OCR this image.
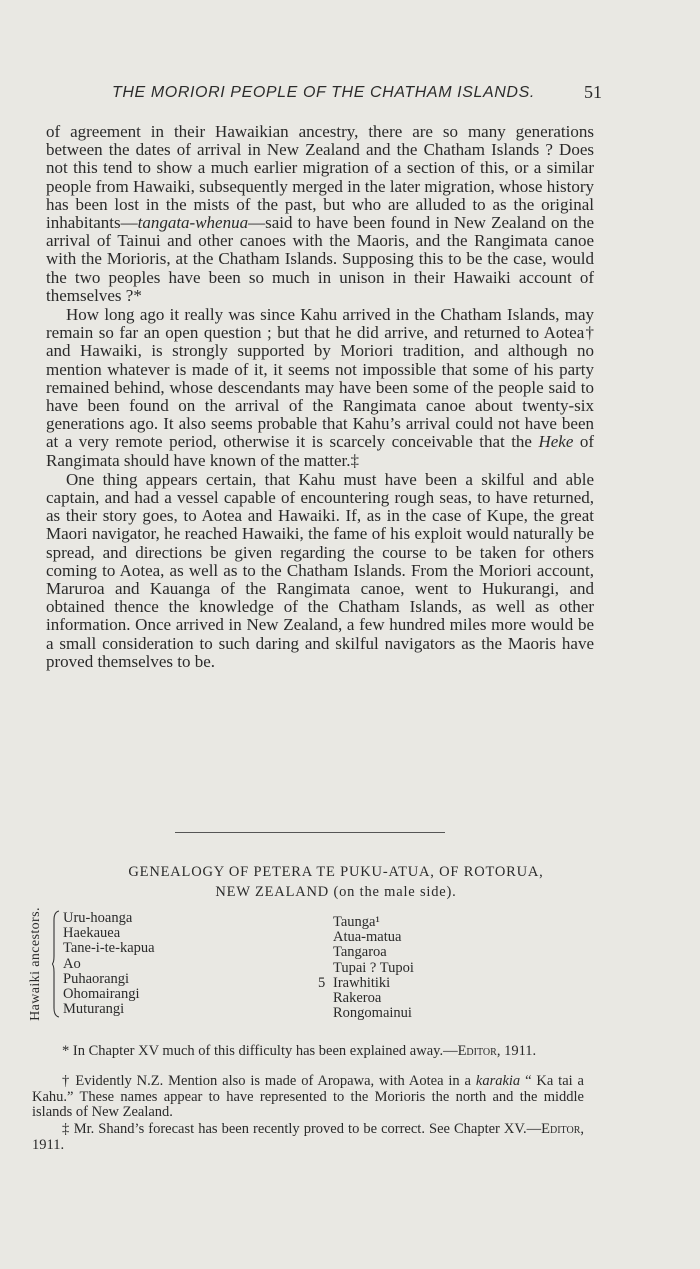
THE MORIORI PEOPLE OF THE CHATHAM ISLANDS.	51

of agreement in their Hawaikian ancestry, there are so many generations between the dates of arrival in New Zealand and the Chatham Islands ? Does not this tend to show a much earlier migration of a section of this, or a similar people from Hawaiki, subsequently merged in the later migration, whose history has been lost in the mists of the past, but who are alluded to as the original inhabitants—tangata-whenua—said to have been found in New Zealand on the arrival of Tainui and other canoes with the Maoris, and the Rangimata canoe with the Morioris, at the Chatham Islands. Supposing this to be the case, would the two peoples have been so much in unison in their Hawaiki account of themselves ?*

How long ago it really was since Kahu arrived in the Chatham Islands, may remain so far an open question ; but that he did arrive, and returned to Aotea† and Hawaiki, is strongly supported by Moriori tradition, and although no mention whatever is made of it, it seems not impossible that some of his party remained behind, whose descendants may have been some of the people said to have been found on the arrival of the Rangimata canoe about twenty-six generations ago. It also seems probable that Kahu’s arrival could not have been at a very remote period, otherwise it is scarcely conceivable that the Heke of Rangimata should have known of the matter.‡

One thing appears certain, that Kahu must have been a skilful and able captain, and had a vessel capable of encountering rough seas, to have returned, as their story goes, to Aotea and Hawaiki. If, as in the case of Kupe, the great Maori navigator, he reached Hawaiki, the fame of his exploit would naturally be spread, and directions be given regarding the course to be taken for others coming to Aotea, as well as to the Chatham Islands. From the Moriori account, Maruroa and Kauanga of the Rangimata canoe, went to Hukurangi, and obtained thence the knowledge of the Chatham Islands, as well as other information. Once arrived in New Zealand, a few hundred miles more would be a small consideration to such daring and skilful navigators as the Maoris have proved themselves to be.

GENEALOGY OF PETERA TE PUKU-ATUA, OF ROTORUA,
NEW ZEALAND (on the male side).
Hawaiki ancestors. Uru-hoanga
Haekauea
Tane-i-te-kapua
Ao
Puhaorangi
Ohomairangi
Muturangi
Taunga¹
Atua-matua
Tangaroa
Tupai ? Tupoi
5 Irawhitiki
Rakeroa
Rongomainui

* In Chapter XV much of this difficulty has been explained away.—Editor, 1911.

† Evidently N.Z. Mention also is made of Aropawa, with Aotea in a karakia “ Ka tai a Kahu.” These names appear to have represented to the Morioris the north and the middle islands of New Zealand.

‡ Mr. Shand’s forecast has been recently proved to be correct. See Chapter XV.—Editor, 1911.
